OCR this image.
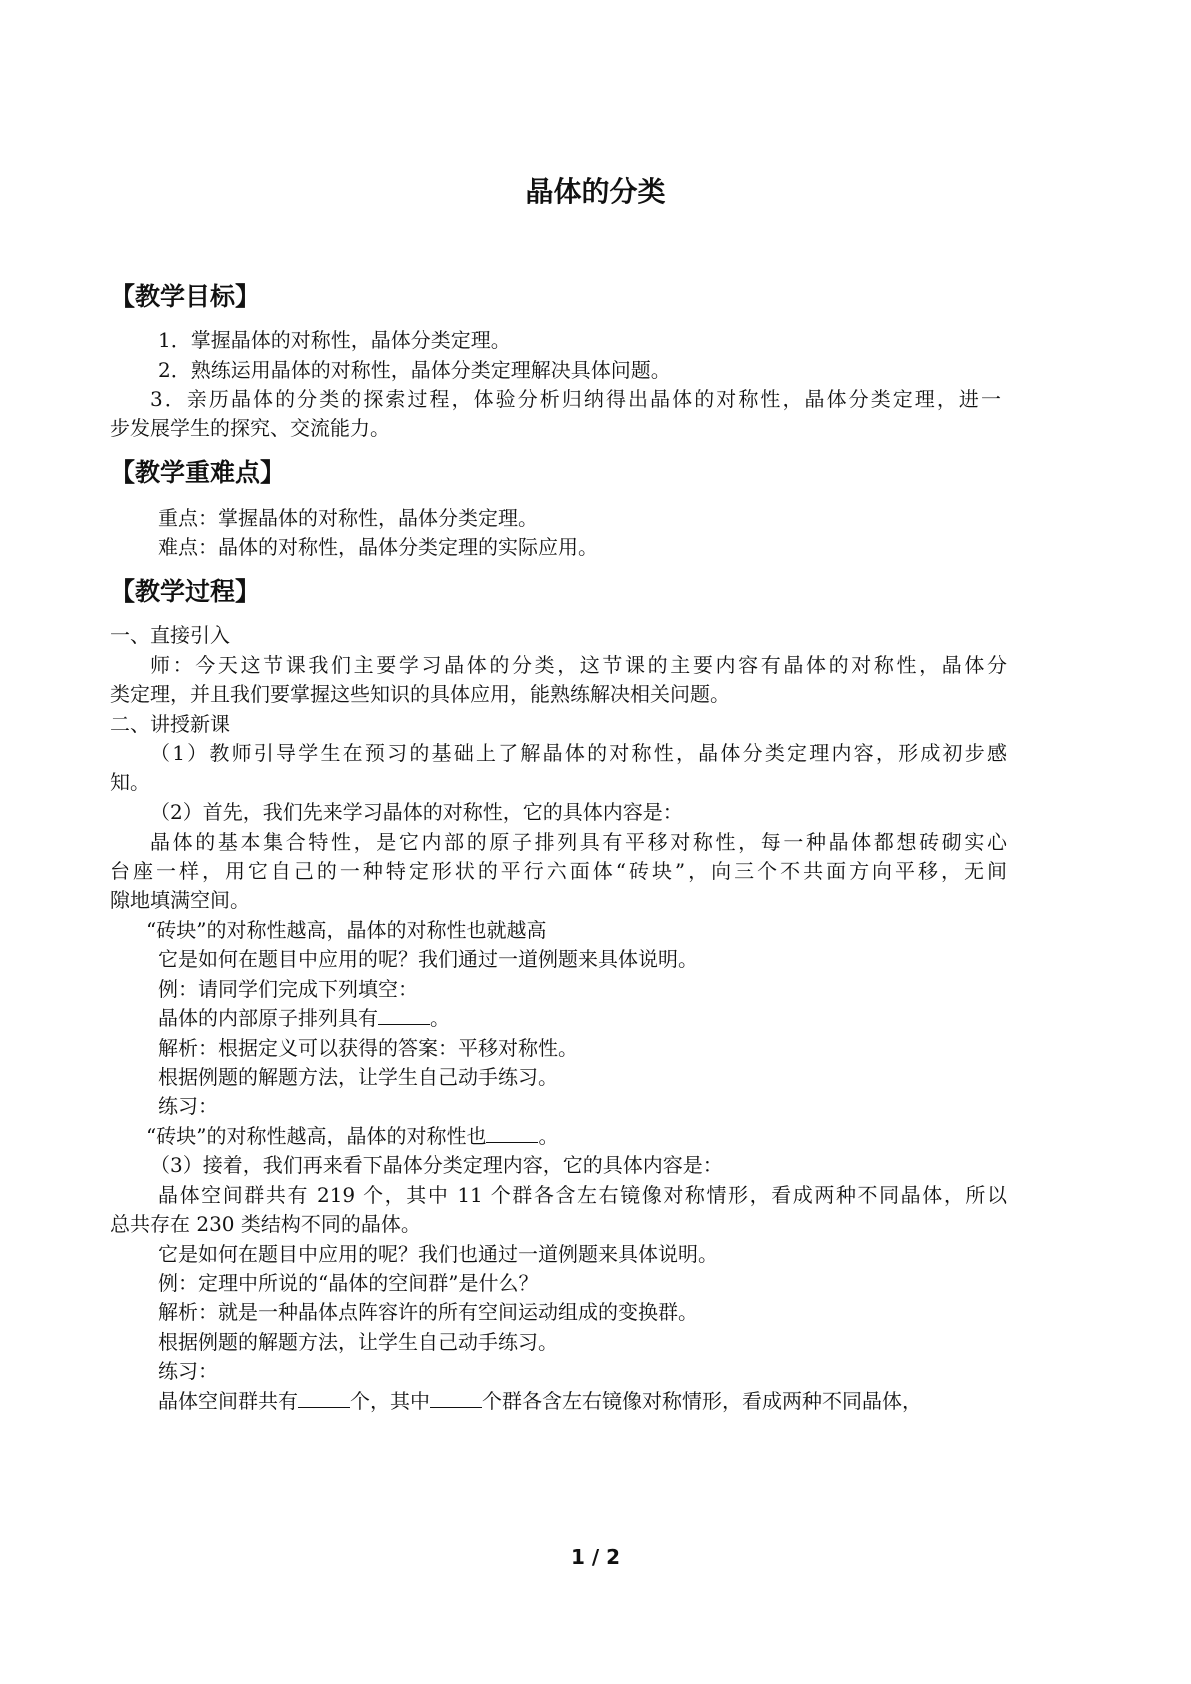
晶体的分类
【教学目标】

1．掌握晶体的对称性，晶体分类定理。

2．熟练运用晶体的对称性，晶体分类定理解决具体问题。

3．亲历晶体的分类的探索过程，体验分析归纳得出晶体的对称性，晶体分类定理，进一

步发展学生的探究、交流能力。

【教学重难点】

重点：掌握晶体的对称性，晶体分类定理。

难点：晶体的对称性，晶体分类定理的实际应用。

【教学过程】

一、直接引入

师：今天这节课我们主要学习晶体的分类，这节课的主要内容有晶体的对称性，晶体分

类定理，并且我们要掌握这些知识的具体应用，能熟练解决相关问题。

二、讲授新课

（1）教师引导学生在预习的基础上了解晶体的对称性，晶体分类定理内容，形成初步感

知。

（2）首先，我们先来学习晶体的对称性，它的具体内容是：

晶体的基本集合特性，是它内部的原子排列具有平移对称性，每一种晶体都想砖砌实心

台座一样，用它自己的一种特定形状的平行六面体“砖块”，向三个不共面方向平移，无间

隙地填满空间。

“砖块”的对称性越高，晶体的对称性也就越高

它是如何在题目中应用的呢？我们通过一道例题来具体说明。

例：请同学们完成下列填空：

晶体的内部原子排列具有	。

解析：根据定义可以获得的答案：平移对称性。

根据例题的解题方法，让学生自己动手练习。

练习：

“砖块”的对称性越高，晶体的对称性也	。

（3）接着，我们再来看下晶体分类定理内容，它的具体内容是：

晶体空间群共有 219 个，其中 11 个群各含左右镜像对称情形，看成两种不同晶体，所以

总共存在 230 类结构不同的晶体。

它是如何在题目中应用的呢？我们也通过一道例题来具体说明。

例：定理中所说的“晶体的空间群”是什么？

解析：就是一种晶体点阵容许的所有空间运动组成的变换群。

根据例题的解题方法，让学生自己动手练习。

练习：

晶体空间群共有	个，其中	个群各含左右镜像对称情形，看成两种不同晶体，

1 / 2
